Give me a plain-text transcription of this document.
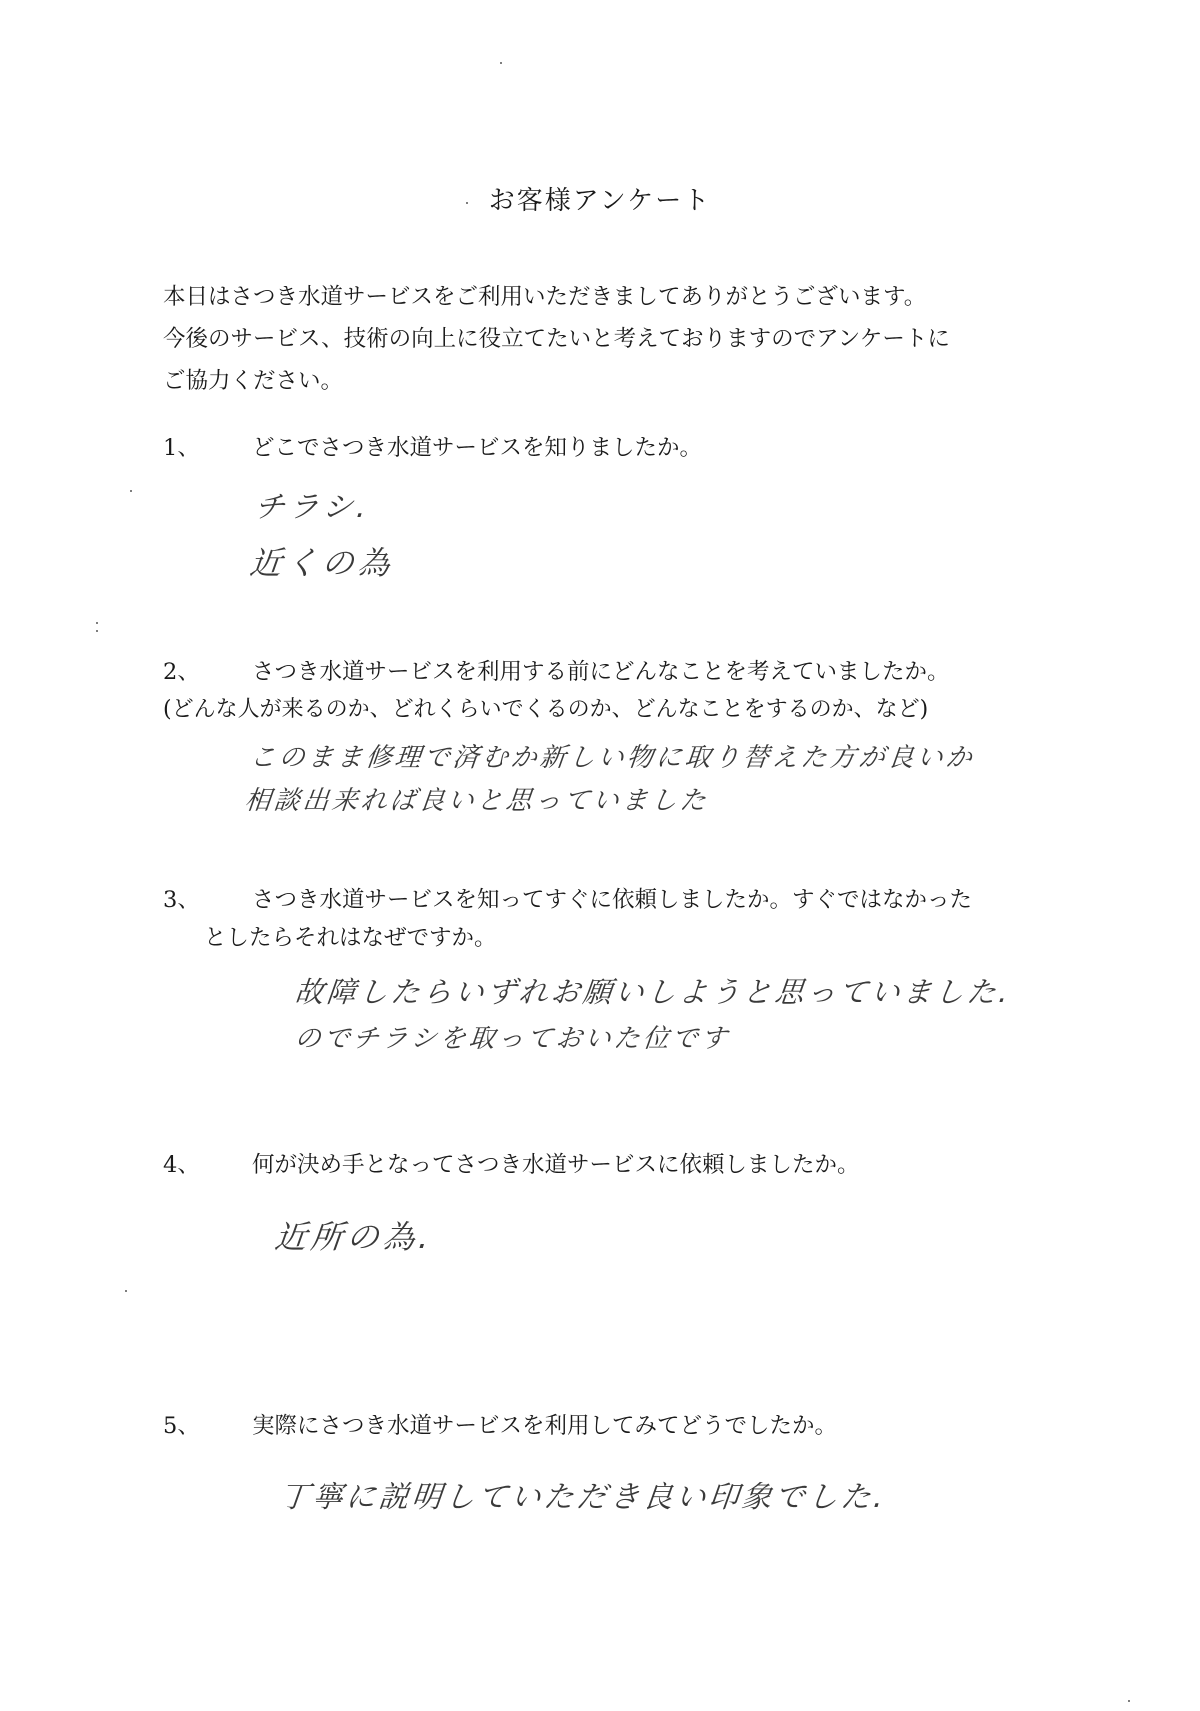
お客様アンケート
本日はさつき水道サービスをご利用いただきましてありがとうございます。
今後のサービス、技術の向上に役立てたいと考えておりますのでアンケートに
ご協力ください。
1、 どこでさつき水道サービスを知りましたか。
チラシ.
近くの為
2、 さつき水道サービスを利用する前にどんなことを考えていましたか。
(どんな人が来るのか、どれくらいでくるのか、どんなことをするのか、など)
このまま修理で済むか新しい物に取り替えた方が良いか
相談出来れば良いと思っていました
3、 さつき水道サービスを知ってすぐに依頼しましたか。すぐではなかった
としたらそれはなぜですか。
故障したらいずれお願いしようと思っていました.
のでチラシを取っておいた位です
4、 何が決め手となってさつき水道サービスに依頼しましたか。
近所の為.
5、 実際にさつき水道サービスを利用してみてどうでしたか。
丁寧に説明していただき良い印象でした.
